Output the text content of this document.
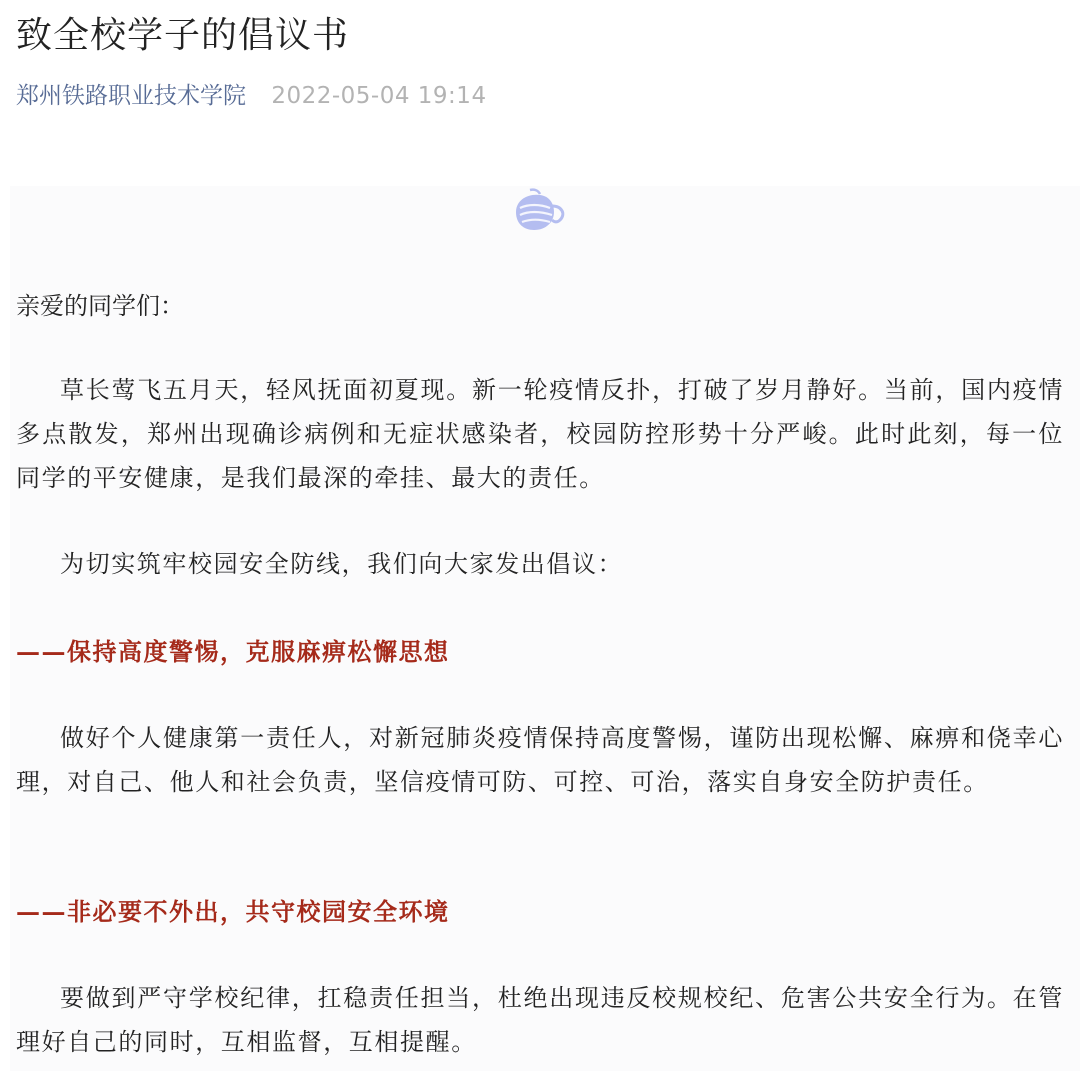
致全校学子的倡议书
郑州铁路职业技术学院 2022-05-04 19:14
亲爱的同学们：

草长莺飞五月天，轻风抚面初夏现。新一轮疫情反扑，打破了岁月静好。当前，国内疫情多点散发，郑州出现确诊病例和无症状感染者，校园防控形势十分严峻。此时此刻，每一位同学的平安健康，是我们最深的牵挂、最大的责任。

为切实筑牢校园安全防线，我们向大家发出倡议：

——保持高度警惕，克服麻痹松懈思想

做好个人健康第一责任人，对新冠肺炎疫情保持高度警惕，谨防出现松懈、麻痹和侥幸心理，对自己、他人和社会负责，坚信疫情可防、可控、可治，落实自身安全防护责任。

——非必要不外出，共守校园安全环境

要做到严守学校纪律，扛稳责任担当，杜绝出现违反校规校纪、危害公共安全行为。在管理好自己的同时，互相监督，互相提醒。
